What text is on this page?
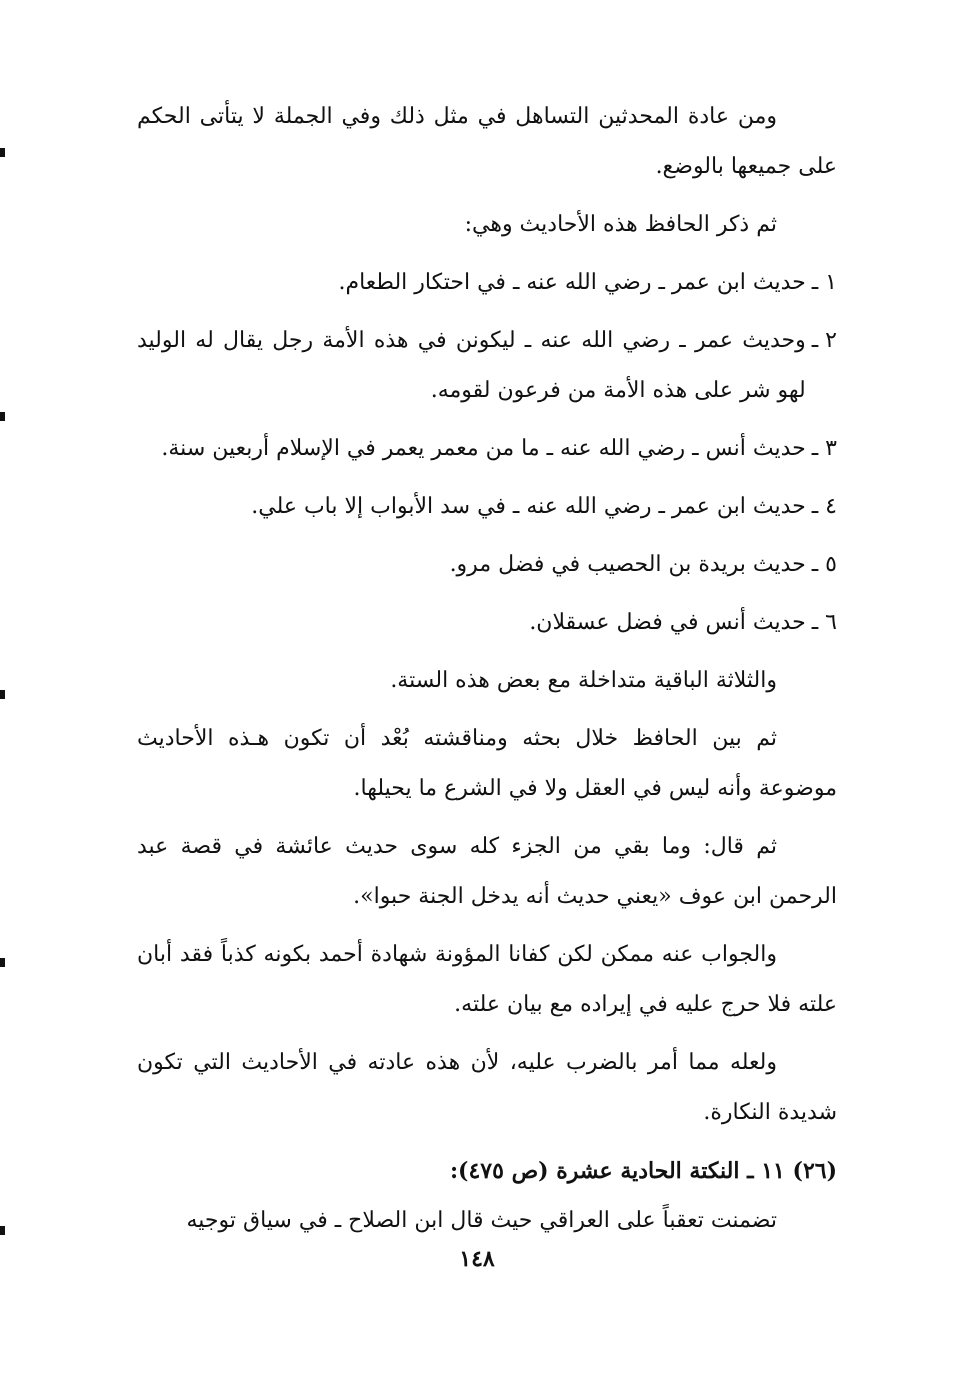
ومن عادة المحدثين التساهل في مثل ذلك وفي الجملة لا يتأتى الحكم على جميعها بالوضع.

ثم ذكر الحافظ هذه الأحاديث وهي:

١ ـ
حديث ابن عمر ـ رضي الله عنه ـ في احتكار الطعام.
٢ ـ
وحديث عمر ـ رضي الله عنه ـ ليكونن في هذه الأمة رجل يقال له الوليد لهو شر على هذه الأمة من فرعون لقومه.
٣ ـ
حديث أنس ـ رضي الله عنه ـ ما من معمر يعمر في الإسلام أربعين سنة.
٤ ـ
حديث ابن عمر ـ رضي الله عنه ـ في سد الأبواب إلا باب علي.
٥ ـ
حديث بريدة بن الحصيب في فضل مرو.
٦ ـ
حديث أنس في فضل عسقلان.

والثلاثة الباقية متداخلة مع بعض هذه الستة.

ثم بين الحافظ خلال بحثه ومناقشته بُعْد أن تكون هـذه الأحاديث موضوعة وأنه ليس في العقل ولا في الشرع ما يحيلها.

ثم قال: وما بقي من الجزء كله سوى حديث عائشة في قصة عبد الرحمن ابن عوف «يعني حديث أنه يدخل الجنة حبوا».

والجواب عنه ممكن لكن كفانا المؤونة شهادة أحمد بكونه كذباً فقد أبان علته فلا حرج عليه في إيراده مع بيان علته.

ولعله مما أمر بالضرب عليه، لأن هذه عادته في الأحاديث التي تكون شديدة النكارة.

(٢٦) ١١ ـ النكتة الحادية عشرة (ص ٤٧٥):

تضمنت تعقباً على العراقي حيث قال ابن الصلاح ـ في سياق توجيه

١٤٨
